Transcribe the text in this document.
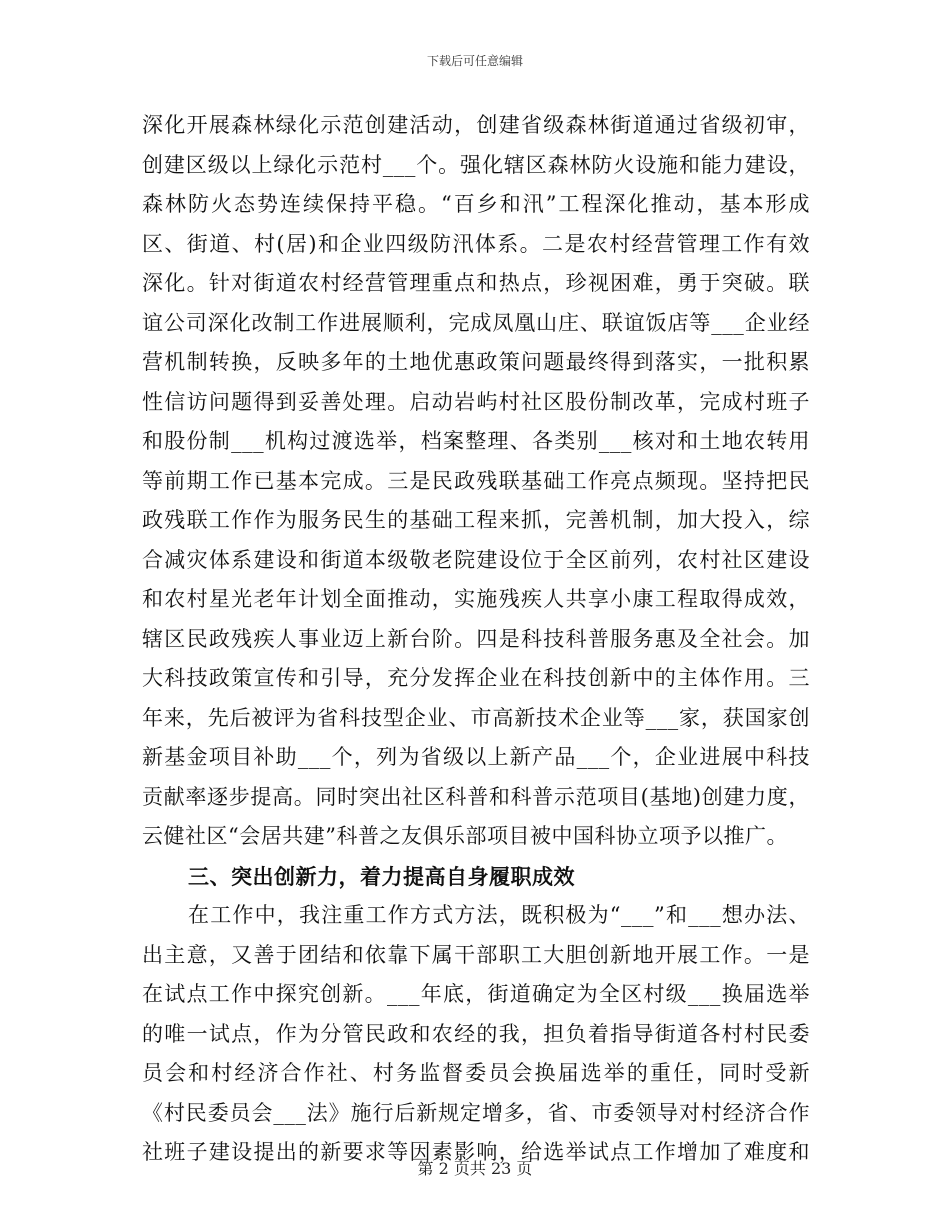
下载后可任意编辑
深化开展森林绿化示范创建活动，创建省级森林街道通过省级初审，
创建区级以上绿化示范村___个。强化辖区森林防火设施和能力建设，
森林防火态势连续保持平稳。“百乡和汛”工程深化推动，基本形成
区、街道、村(居)和企业四级防汛体系。二是农村经营管理工作有效
深化。针对街道农村经营管理重点和热点，珍视困难，勇于突破。联
谊公司深化改制工作进展顺利，完成凤凰山庄、联谊饭店等___企业经
营机制转换，反映多年的土地优惠政策问题最终得到落实，一批积累
性信访问题得到妥善处理。启动岩屿村社区股份制改革，完成村班子
和股份制___机构过渡选举，档案整理、各类别___核对和土地农转用
等前期工作已基本完成。三是民政残联基础工作亮点频现。坚持把民
政残联工作作为服务民生的基础工程来抓，完善机制，加大投入，综
合减灾体系建设和街道本级敬老院建设位于全区前列，农村社区建设
和农村星光老年计划全面推动，实施残疾人共享小康工程取得成效，
辖区民政残疾人事业迈上新台阶。四是科技科普服务惠及全社会。加
大科技政策宣传和引导，充分发挥企业在科技创新中的主体作用。三
年来，先后被评为省科技型企业、市高新技术企业等___家，获国家创
新基金项目补助___个，列为省级以上新产品___个，企业进展中科技
贡献率逐步提高。同时突出社区科普和科普示范项目(基地)创建力度，
云健社区“会居共建”科普之友俱乐部项目被中国科协立项予以推广。
三、突出创新力，着力提高自身履职成效
在工作中，我注重工作方式方法，既积极为“___”和___想办法、
出主意，又善于团结和依靠下属干部职工大胆创新地开展工作。一是
在试点工作中探究创新。___年底，街道确定为全区村级___换届选举
的唯一试点，作为分管民政和农经的我，担负着指导街道各村村民委
员会和村经济合作社、村务监督委员会换届选举的重任，同时受新
《村民委员会___法》施行后新规定增多，省、市委领导对村经济合作
社班子建设提出的新要求等因素影响，给选举试点工作增加了难度和
第 2 页共 23 页
